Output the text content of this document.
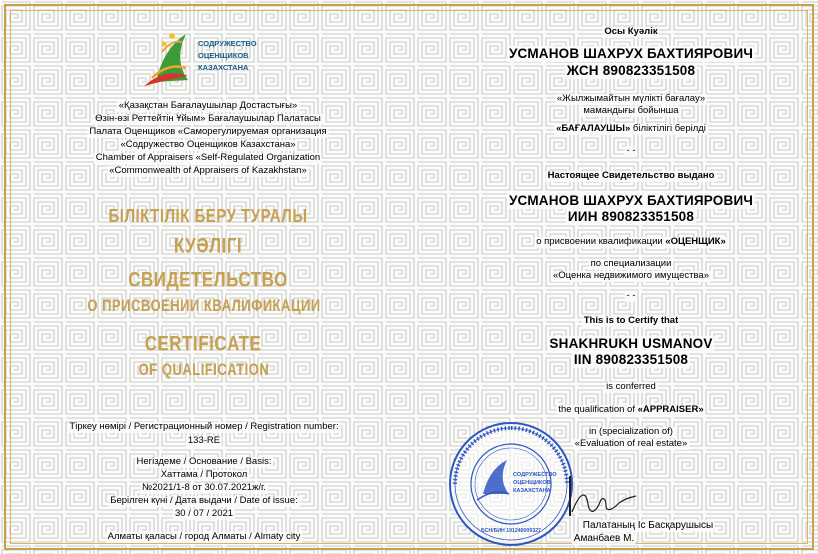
СОДРУЖЕСТВО
ОЦЕНЩИКОВ
КАЗАХСТАНА
«Қазақстан Бағалаушылар Достастығы»
Өзін-өзі Реттейтін Ұйым» Бағалаушылар Палатасы
Палата Оценщиков «Саморегулируемая организация
«Содружество Оценщиков Казахстана»
Chamber of Appraisers «Self-Regulated Organization
«Commonwealth of Appraisers of Kazakhstan»
БІЛІКТІЛІК БЕРУ ТУРАЛЫ
КУӘЛІГІ
СВИДЕТЕЛЬСТВО
О ПРИСВОЕНИИ КВАЛИФИКАЦИИ
CERTIFICATE
OF QUALIFICATION
Тіркеу нөмірі / Регистрационный номер / Registration number:
133-RE
Негіздеме / Основание / Basis:
Хаттама / Протокол
№2021/1-8 от 30.07.2021ж/г.
Берілген күні / Дата выдачи / Date of issue:
30 / 07 / 2021
Алматы қаласы / город Алматы / Almaty city
Осы Куәлік
УСМАНОВ ШАХРУХ БАХТИЯРОВИЧ
ЖСН 890823351508
«Жылжымайтын мүлікті бағалау»
мамандығы бойынша
«БАҒАЛАУШЫ» біліктілігі берілді
- -
Настоящее Свидетельство выдано
УСМАНОВ ШАХРУХ БАХТИЯРОВИЧ
ИИН 890823351508
о присвоении квалификации «ОЦЕНЩИК»
по специализации
«Оценка недвижимого имущества»
- -
This is to Certify that
SHAKHRUKH USMANOV
IIN 890823351508
is conferred
the qualification of «APPRAISER»
in (specialization of)
«Evaluation of real estate»
СОДРУЖЕСТВО
ОЦЕНЩИКОВ
КАЗАХСТАНА
БСН/БИН 191240009327	Палатаның Іс Басқарушысы
Аманбаев М.
